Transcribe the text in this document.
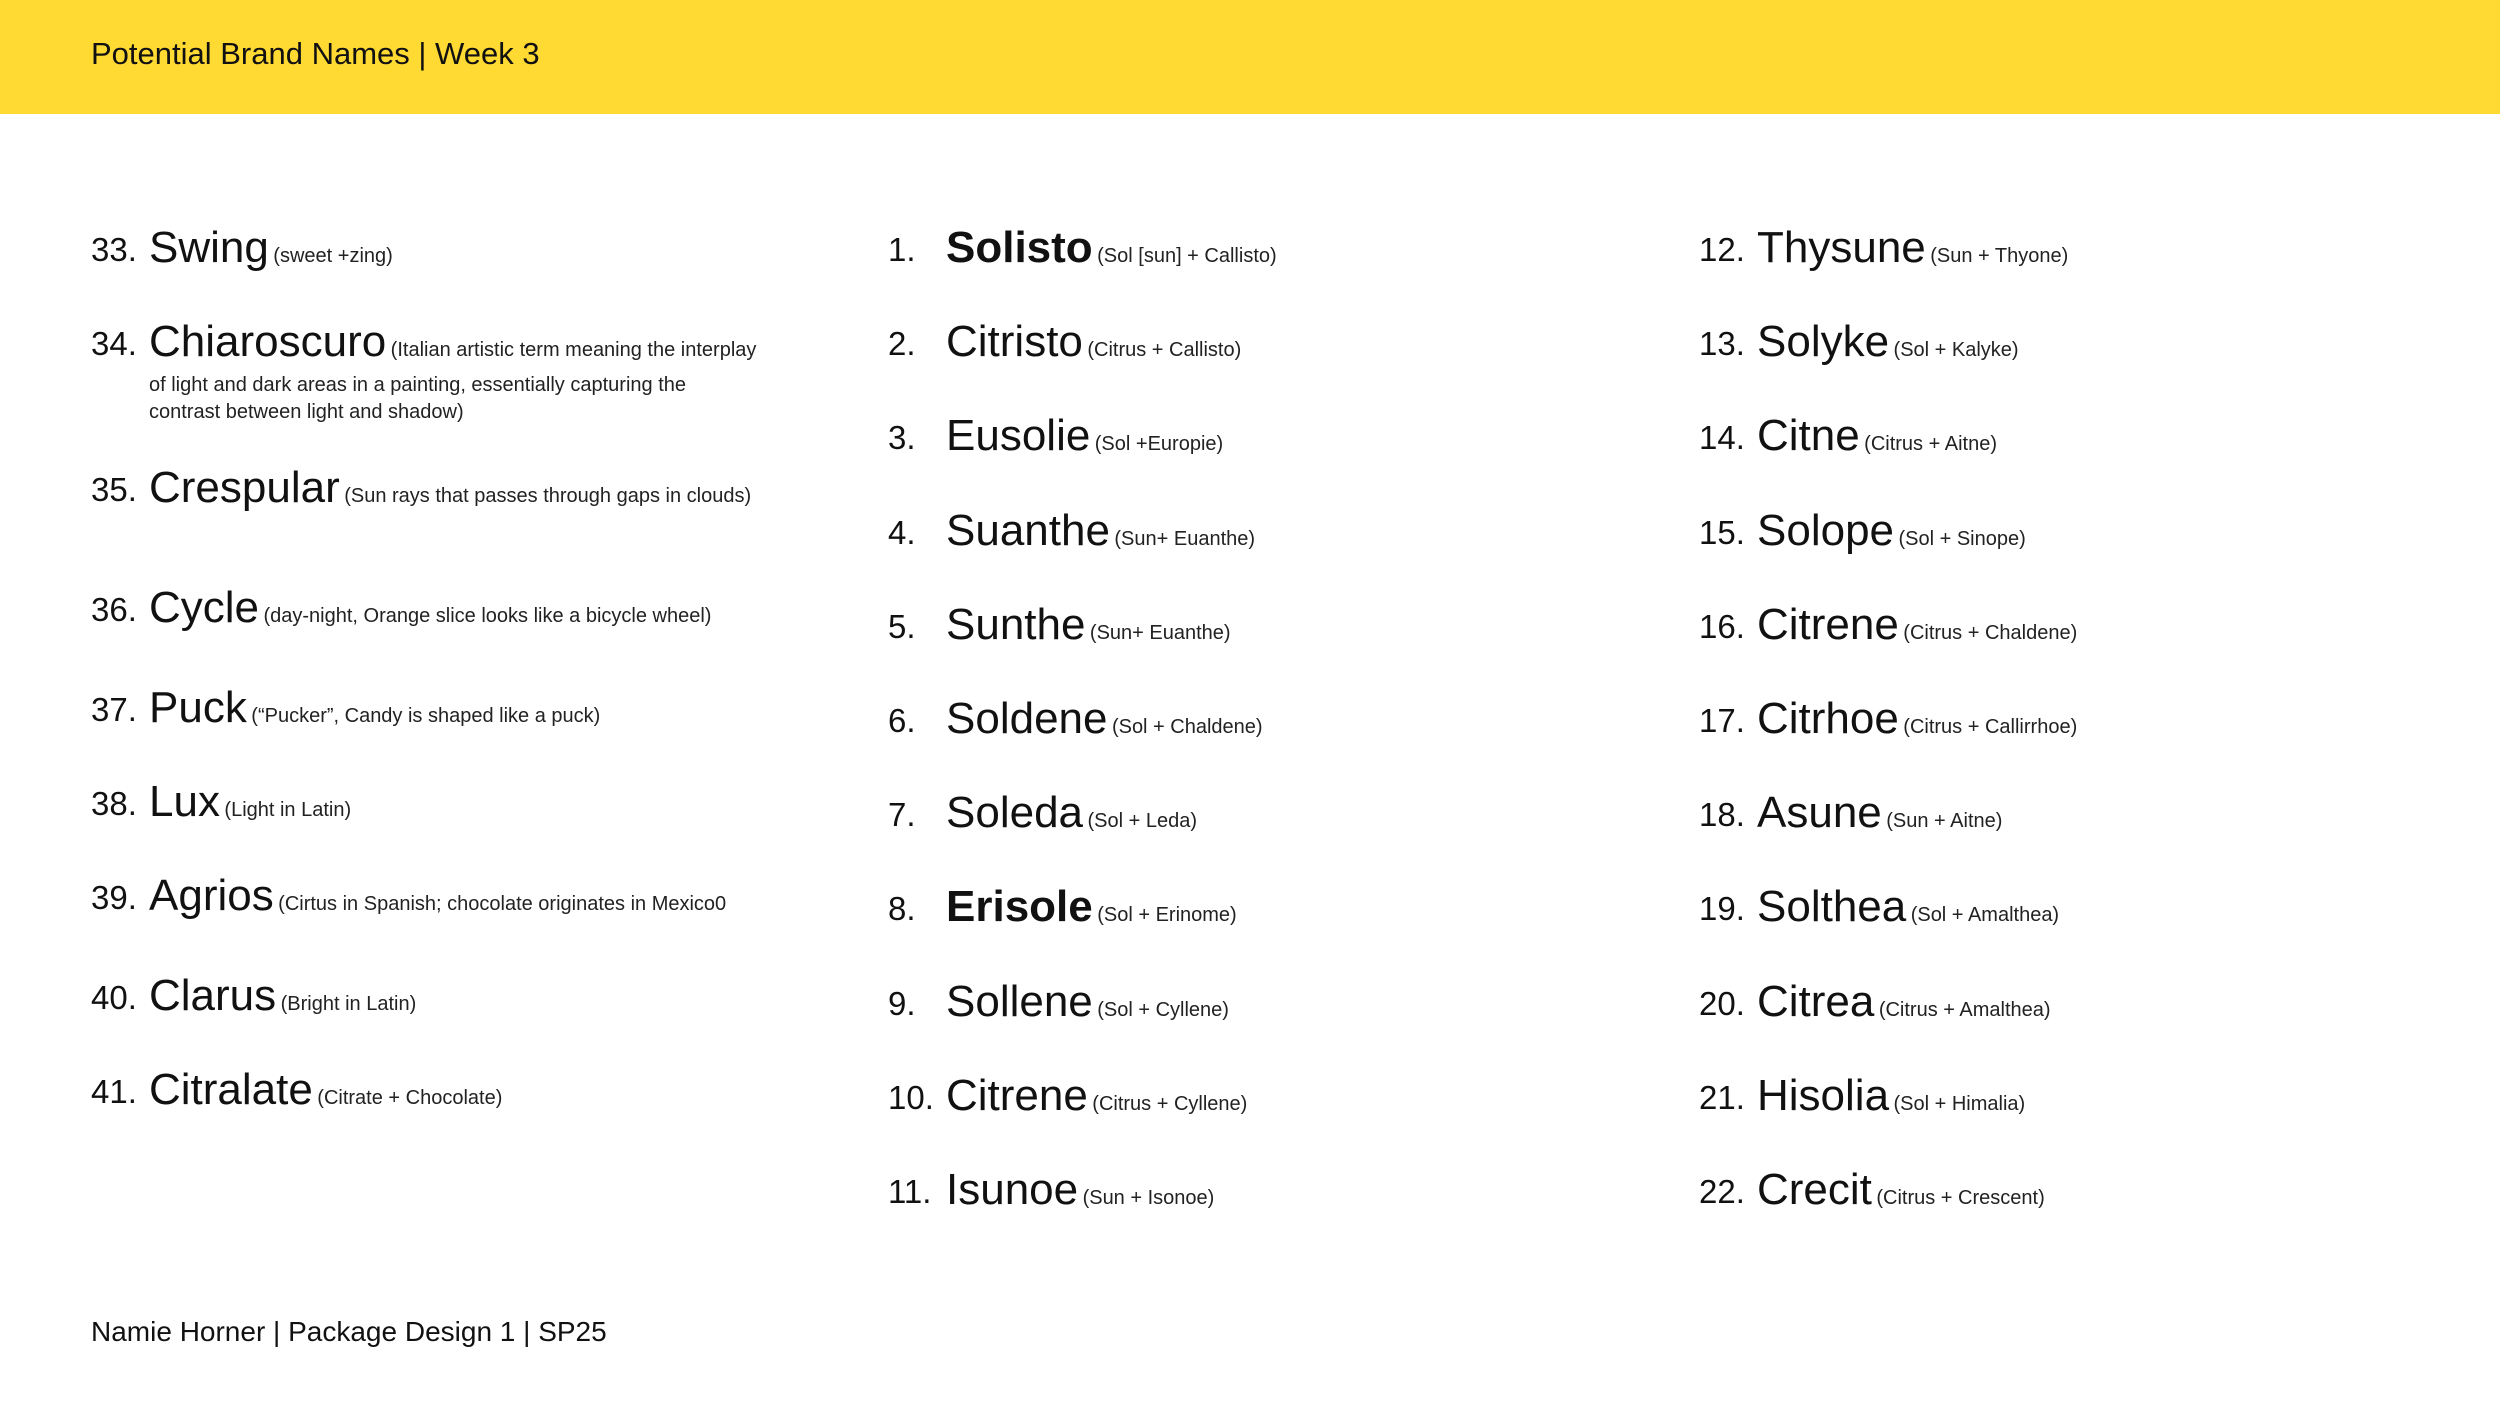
Potential Brand Names | Week 3
33. Swing (sweet +zing)
34. Chiaroscuro (Italian artistic term meaning the interplay of light and dark areas in a painting, essentially capturing the contrast between light and shadow)
35. Crespular (Sun rays that passes through gaps in clouds)
36. Cycle (day-night, Orange slice looks like a bicycle wheel)
37. Puck (“Pucker”, Candy is shaped like a puck)
38. Lux (Light in Latin)
39. Agrios (Cirtus in Spanish; chocolate originates in Mexico0
40. Clarus (Bright in Latin)
41. Citralate (Citrate + Chocolate)
1. Solisto (Sol [sun] + Callisto)
2. Citristo (Citrus + Callisto)
3. Eusolie (Sol +Europie)
4. Suanthe (Sun+ Euanthe)
5. Sunthe (Sun+ Euanthe)
6. Soldene (Sol + Chaldene)
7. Soleda (Sol + Leda)
8. Erisole (Sol + Erinome)
9. Sollene (Sol + Cyllene)
10. Citrene (Citrus + Cyllene)
11. Isunoe (Sun + Isonoe)
12. Thysune (Sun + Thyone)
13. Solyke (Sol + Kalyke)
14. Citne (Citrus + Aitne)
15. Solope (Sol + Sinope)
16. Citrene (Citrus + Chaldene)
17. Citrhoe (Citrus + Callirrhoe)
18. Asune (Sun + Aitne)
19. Solthea (Sol + Amalthea)
20. Citrea (Citrus + Amalthea)
21. Hisolia (Sol + Himalia)
22. Crecit (Citrus + Crescent)
Namie Horner | Package Design 1 | SP25
